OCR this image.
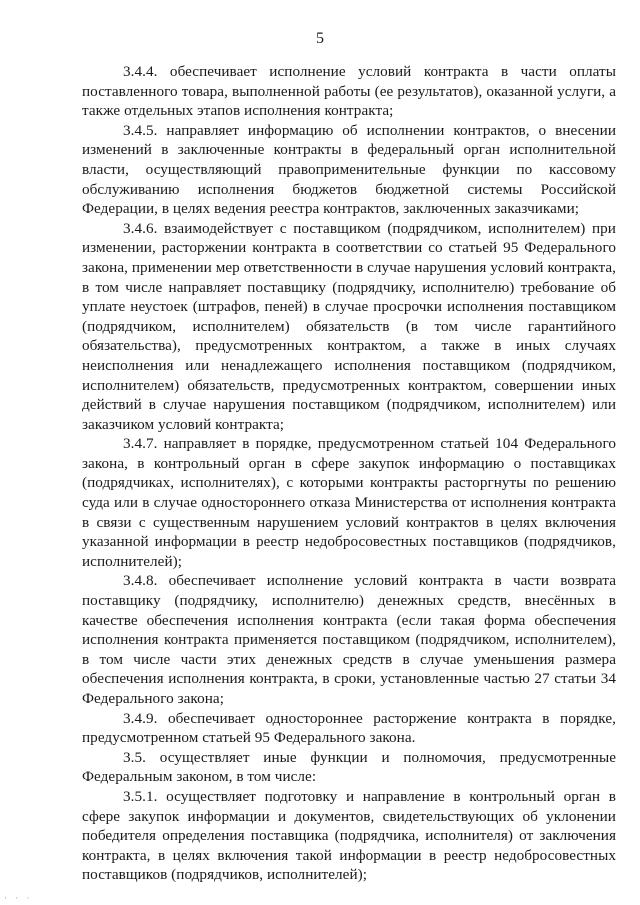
5

3.4.4. обеспечивает исполнение условий контракта в части оплаты поставленного товара, выполненной работы (ее результатов), оказанной услуги, а также отдельных этапов исполнения контракта;

3.4.5. направляет информацию об исполнении контрактов, о внесении изменений в заключенные контракты в федеральный орган исполнительной власти, осуществляющий правоприменительные функции по кассовому обслуживанию исполнения бюджетов бюджетной системы Российской Федерации, в целях ведения реестра контрактов, заключенных заказчиками;

3.4.6. взаимодействует с поставщиком (подрядчиком, исполнителем) при изменении, расторжении контракта в соответствии со статьей 95 Федерального закона, применении мер ответственности в случае нарушения условий контракта, в том числе направляет поставщику (подрядчику, исполнителю) требование об уплате неустоек (штрафов, пеней) в случае просрочки исполнения поставщиком (подрядчиком, исполнителем) обязательств (в том числе гарантийного обязательства), предусмотренных контрактом, а также в иных случаях неисполнения или ненадлежащего исполнения поставщиком (подрядчиком, исполнителем) обязательств, предусмотренных контрактом, совершении иных действий в случае нарушения поставщиком (подрядчиком, исполнителем) или заказчиком условий контракта;

3.4.7. направляет в порядке, предусмотренном статьей 104 Федерального закона, в контрольный орган в сфере закупок информацию о поставщиках (подрядчиках, исполнителях), с которыми контракты расторгнуты по решению суда или в случае одностороннего отказа Министерства от исполнения контракта в связи с существенным нарушением условий контрактов в целях включения указанной информации в реестр недобросовестных поставщиков (подрядчиков, исполнителей);

3.4.8. обеспечивает исполнение условий контракта в части возврата поставщику (подрядчику, исполнителю) денежных средств, внесённых в качестве обеспечения исполнения контракта (если такая форма обеспечения исполнения контракта применяется поставщиком (подрядчиком, исполнителем), в том числе части этих денежных средств в случае уменьшения размера обеспечения исполнения контракта, в сроки, установленные частью 27 статьи 34 Федерального закона;

3.4.9. обеспечивает одностороннее расторжение контракта в порядке, предусмотренном статьей 95 Федерального закона.

3.5. осуществляет иные функции и полномочия, предусмотренные Федеральным законом, в том числе:

3.5.1. осуществляет подготовку и направление в контрольный орган в сфере закупок информации и документов, свидетельствующих об уклонении победителя определения поставщика (подрядчика, исполнителя) от заключения контракта, в целях включения такой информации в реестр недобросовестных поставщиков (подрядчиков, исполнителей);

· · ·
